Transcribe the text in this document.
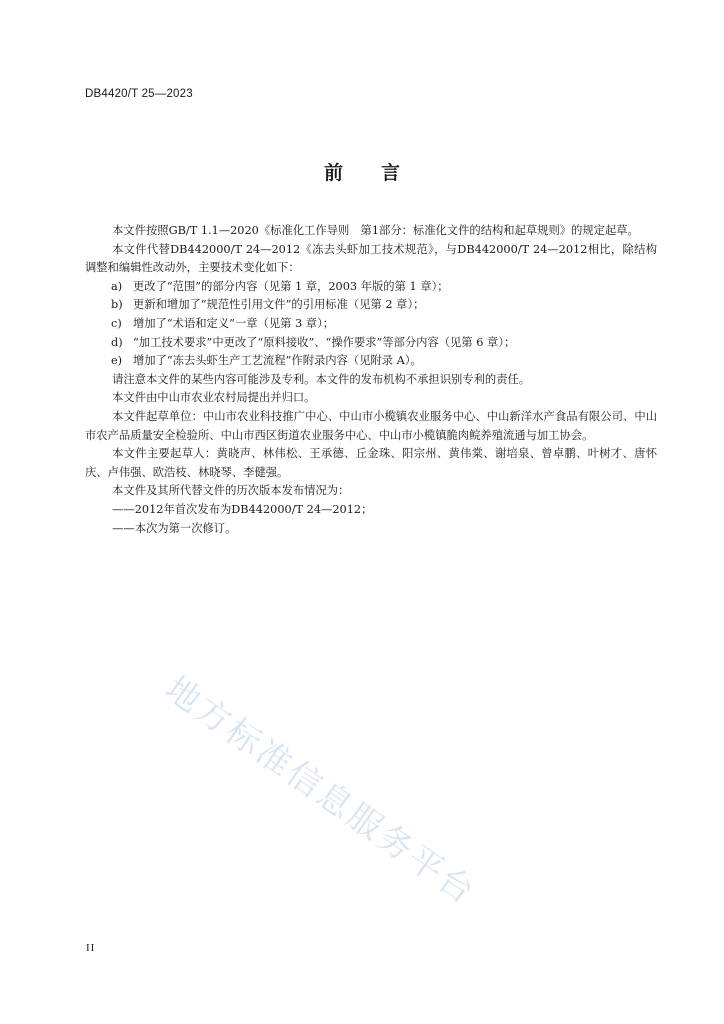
DB4420/T 25—2023
前 言

本文件按照GB/T 1.1—2020《标准化工作导则　第1部分：标准化文件的结构和起草规则》的规定起草。

本文件代替DB442000/T 24—2012《冻去头虾加工技术规范》，与DB442000/T 24—2012相比，除结构调整和编辑性改动外，主要技术变化如下：

a) 更改了“范围”的部分内容（见第 1 章，2003 年版的第 1 章）；
b) 更新和增加了“规范性引用文件”的引用标准（见第 2 章）；
c) 增加了“术语和定义”一章（见第 3 章）；
d) “加工技术要求”中更改了“原料接收”、“操作要求”等部分内容（见第 6 章）；
e) 增加了“冻去头虾生产工艺流程”作附录内容（见附录 A）。

请注意本文件的某些内容可能涉及专利。本文件的发布机构不承担识别专利的责任。

本文件由中山市农业农村局提出并归口。

本文件起草单位：中山市农业科技推广中心、中山市小榄镇农业服务中心、中山新洋水产食品有限公司、中山市农产品质量安全检验所、中山市西区街道农业服务中心、中山市小榄镇脆肉鲩养殖流通与加工协会。

本文件主要起草人：黄晓声、林伟松、王承德、丘金珠、阳宗州、黄伟棠、谢培泉、曾卓鹏、叶树才、唐怀庆、卢伟强、欧浩枝、林晓琴、李健强。

本文件及其所代替文件的历次版本发布情况为：

——2012年首次发布为DB442000/T 24—2012；

——本次为第一次修订。

地方标准信息服务平台
II
